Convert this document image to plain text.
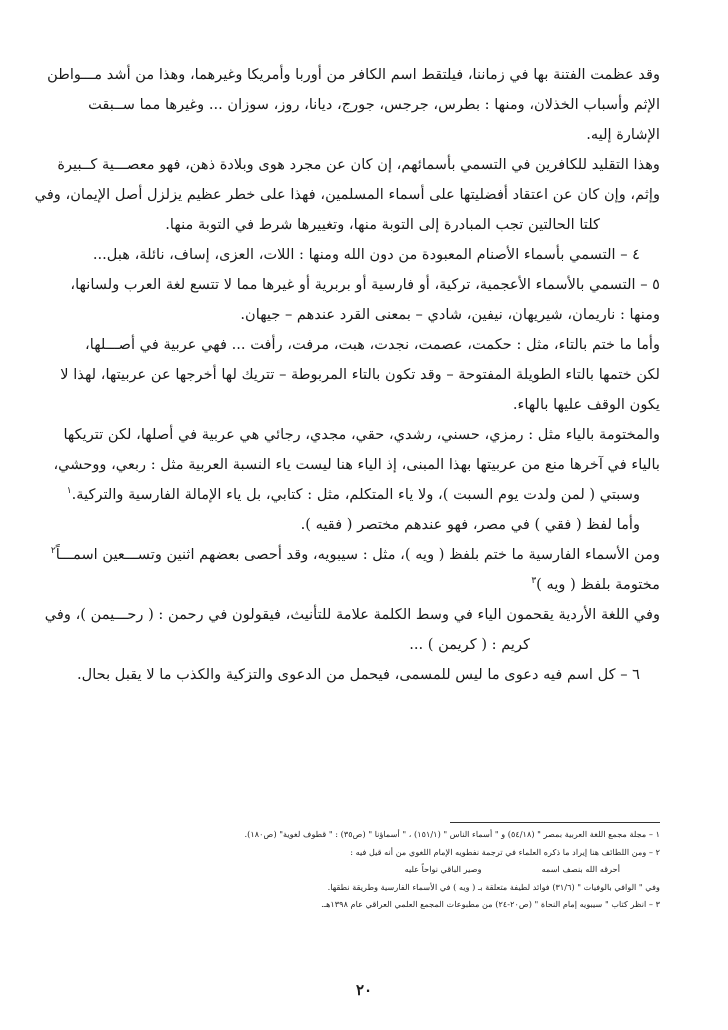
وقد عظمت الفتنة بها في زماننا، فيلتقط اسم الكافر من أوربا وأمريكا وغيرهما، وهذا من أشد مـــواطن
الإثم وأسباب الخذلان، ومنها : بطرس، جرجس، جورج، ديانا، روز، سوزان ... وغيرها مما ســبقت
الإشارة إليه.
وهذا التقليد للكافرين في التسمي بأسمائهم، إن كان عن مجرد هوى وبلادة ذهن، فهو معصـــية كــبيرة
وإثم، وإن كان عن اعتقاد أفضليتها على أسماء المسلمين، فهذا على خطر عظيم يزلزل أصل الإيمان، وفي
كلتا الحالتين تجب المبادرة إلى التوبة منها، وتغييرها شرط في التوبة منها.
٤ – التسمي بأسماء الأصنام المعبودة من دون الله ومنها : اللات، العزى، إساف، نائلة، هبل...
٥ – التسمي بالأسماء الأعجمية، تركية، أو فارسية أو بربرية أو غيرها مما لا تتسع لغة العرب ولسانها،
ومنها : ناريمان، شيريهان، نيفين، شادي – بمعنى القرد عندهم – جيهان.
وأما ما ختم بالتاء، مثل : حكمت، عصمت، نجدت، هبت، مرفت، رأفت ... فهي عربية في أصـــلها،
لكن ختمها بالتاء الطويلة المفتوحة – وقد تكون بالتاء المربوطة – تتريك لها أخرجها عن عربيتها، لهذا لا
يكون الوقف عليها بالهاء.
والمختومة بالياء مثل : رمزي، حسني، رشدي، حقي، مجدي، رجائي هي عربية في أصلها، لكن تتريكها
بالياء في آخرها منع من عربيتها بهذا المبنى، إذ الياء هنا ليست ياء النسبة العربية مثل : ربعي، ووحشي،
وسبتي ( لمن ولدت يوم السبت )، ولا ياء المتكلم، مثل : كتابي، بل ياء الإمالة الفارسية والتركية.$^١$
وأما لفظ ( فقي ) في مصر، فهو عندهم مختصر ( فقيه ).
ومن الأسماء الفارسية ما ختم بلفظ ( ويه )، مثل : سيبويه، وقد أحصى بعضهم اثنين وتســـعين اسمـــاً$^٢$
مختومة بلفظ ( ويه )$^٣$
وفي اللغة الأردية يقحمون الياء في وسط الكلمة علامة للتأنيث، فيقولون في رحمن : ( رحـــيمن )، وفي
كريم : ( كريمن ) ...
٦ – كل اسم فيه دعوى ما ليس للمسمى، فيحمل من الدعوى والتزكية والكذب ما لا يقبل بحال.

١ – مجلة مجمع اللغة العربية بمصر " (٥٤/١٨) و " أسماء الناس " (١٥١/١) ، " أسماؤنا " (ص٣٥) : " قطوف لغوية" (ص١٨٠).
٢ – ومن اللطائف هنا إيراد ما ذكره العلماء في ترجمة نفطويه الإمام اللغوي من أنه قيل فيه :
أحرقه الله بنصف اسمه
وصير الباقي نواحاً عليه
وفي " الوافي بالوفيات " (٣١/٦) فوائد لطيفة متعلقة بـ ( ويه ) في الأسماء الفارسية وطريقة نطقها.
٣ – انظر كتاب " سيبويه إمام النحاة " (ص٢٠-٢٤) من مطبوعات المجمع العلمي العراقي عام ١٣٩٨هـ.
٢٠
